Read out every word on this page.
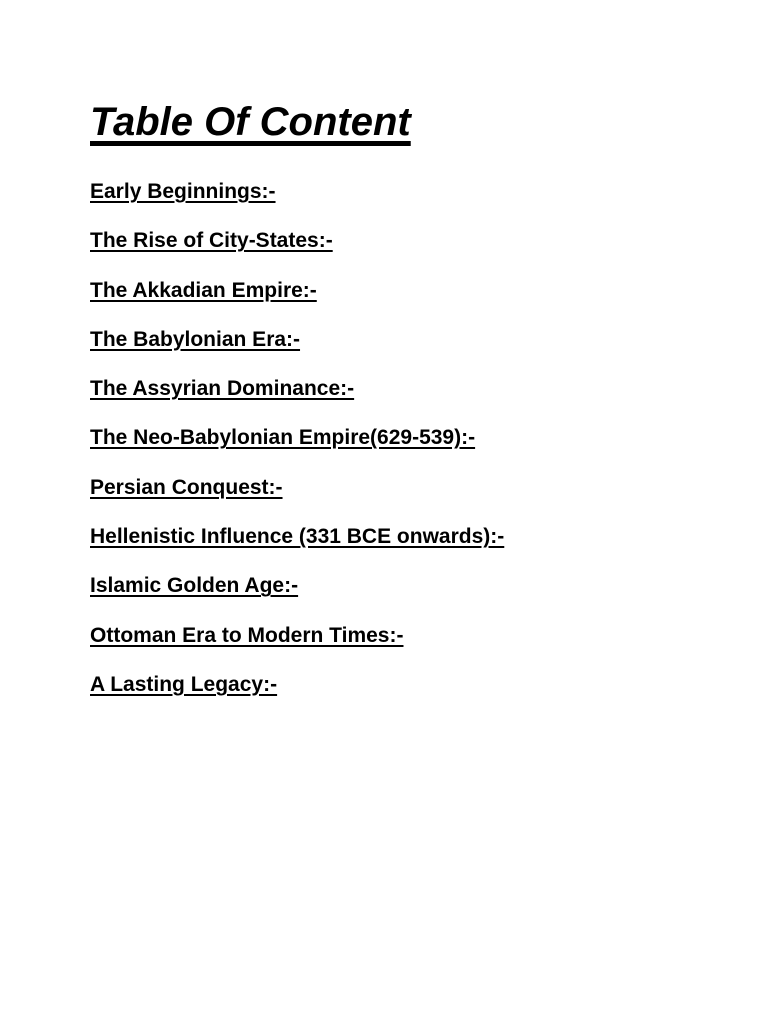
Table Of Content
Early Beginnings:-
The Rise of City-States:-
The Akkadian Empire:-
The Babylonian Era:-
The Assyrian Dominance:-
The Neo-Babylonian Empire(629-539):-
Persian Conquest:-
Hellenistic Influence (331 BCE onwards):-
Islamic Golden Age:-
Ottoman Era to Modern Times:-
A Lasting Legacy:-
